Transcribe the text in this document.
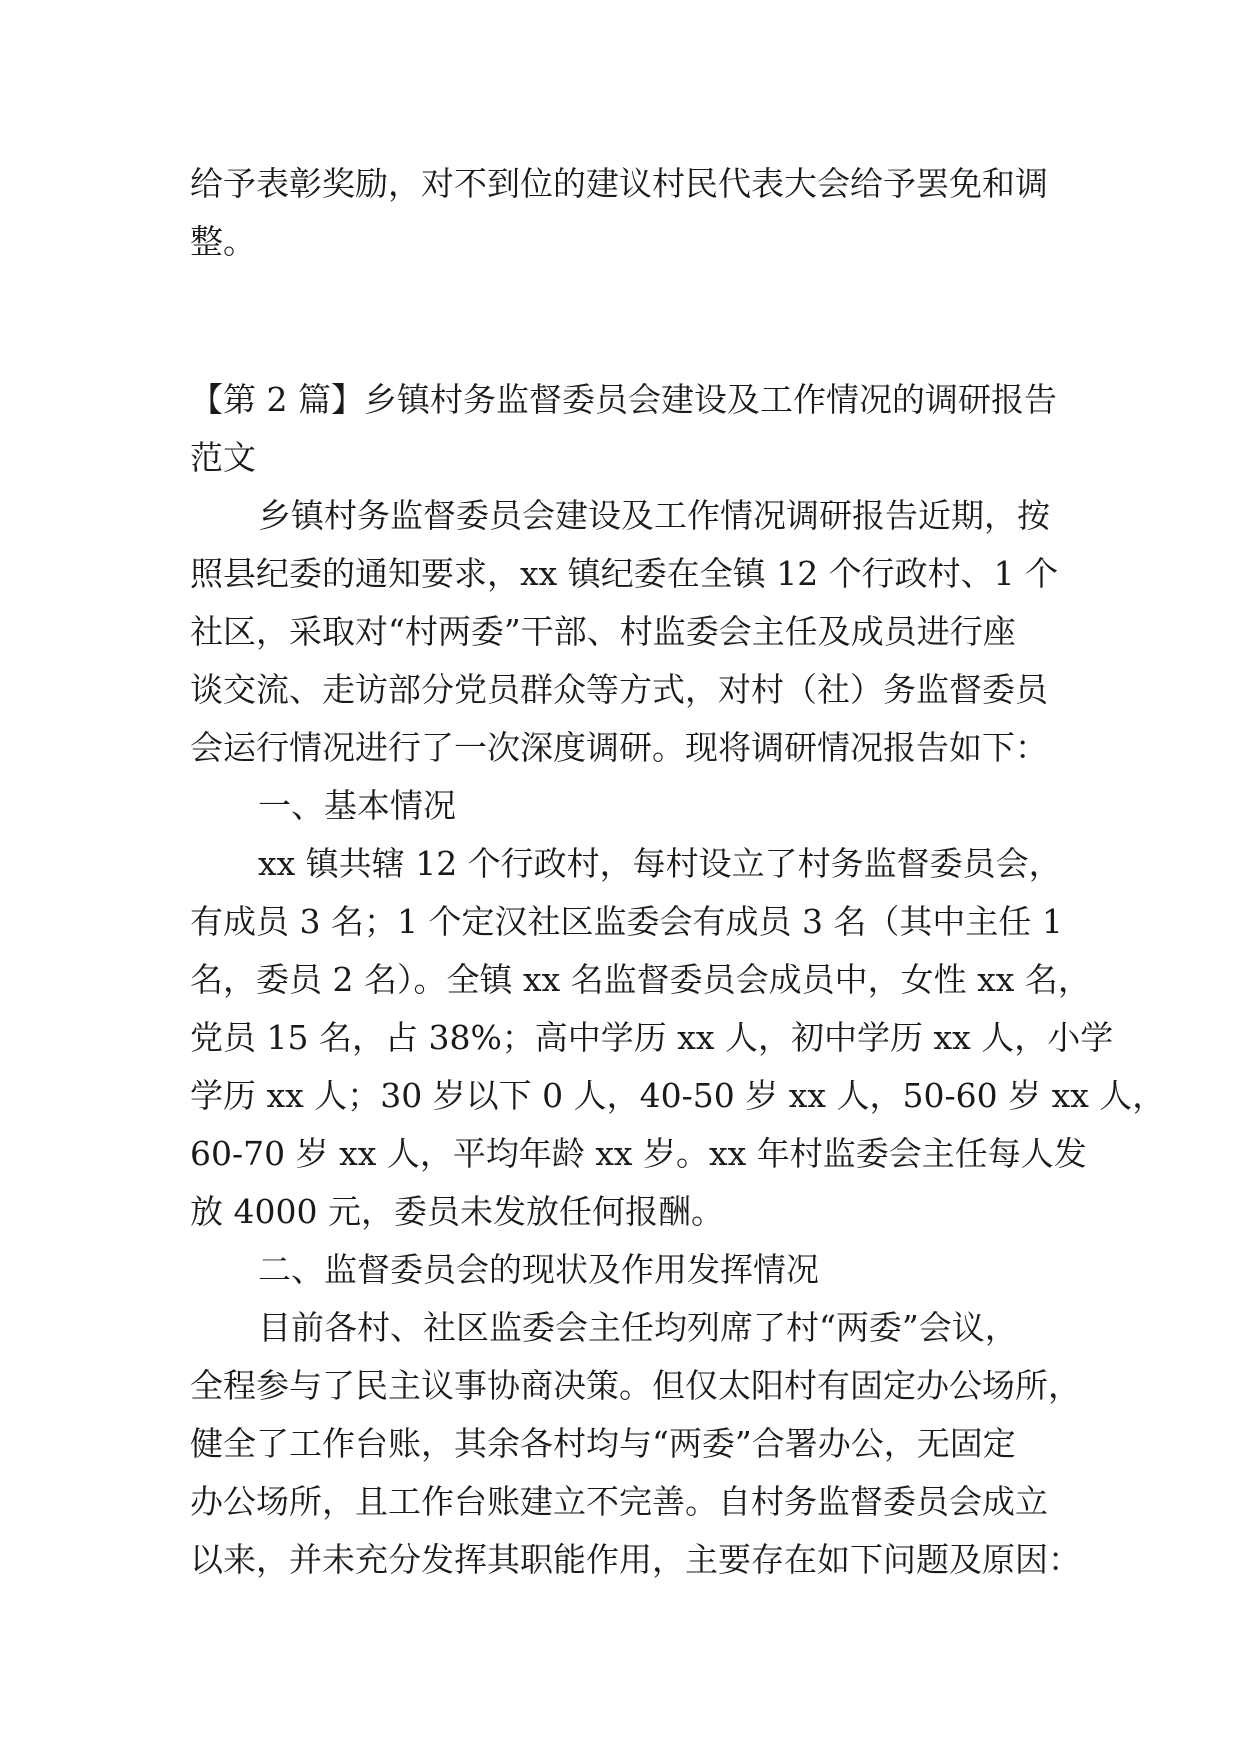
给予表彰奖励，对不到位的建议村民代表大会给予罢免和调
整。
【第 2 篇】乡镇村务监督委员会建设及工作情况的调研报告
范文
乡镇村务监督委员会建设及工作情况调研报告近期，按
照县纪委的通知要求，xx 镇纪委在全镇 12 个行政村、1 个
社区，采取对“村两委”干部、村监委会主任及成员进行座
谈交流、走访部分党员群众等方式，对村（社）务监督委员
会运行情况进行了一次深度调研。现将调研情况报告如下：
一、基本情况
xx 镇共辖 12 个行政村，每村设立了村务监督委员会，
有成员 3 名；1 个定汉社区监委会有成员 3 名（其中主任 1
名，委员 2 名）。全镇 xx 名监督委员会成员中，女性 xx 名，
党员 15 名，占 38%；高中学历 xx 人，初中学历 xx 人，小学
学历 xx 人；30 岁以下 0 人，40-50 岁 xx 人，50-60 岁 xx 人，
60-70 岁 xx 人，平均年龄 xx 岁。xx 年村监委会主任每人发
放 4000 元，委员未发放任何报酬。
二、监督委员会的现状及作用发挥情况
目前各村、社区监委会主任均列席了村“两委”会议，
全程参与了民主议事协商决策。但仅太阳村有固定办公场所，
健全了工作台账，其余各村均与“两委”合署办公，无固定
办公场所，且工作台账建立不完善。自村务监督委员会成立
以来，并未充分发挥其职能作用，主要存在如下问题及原因：
